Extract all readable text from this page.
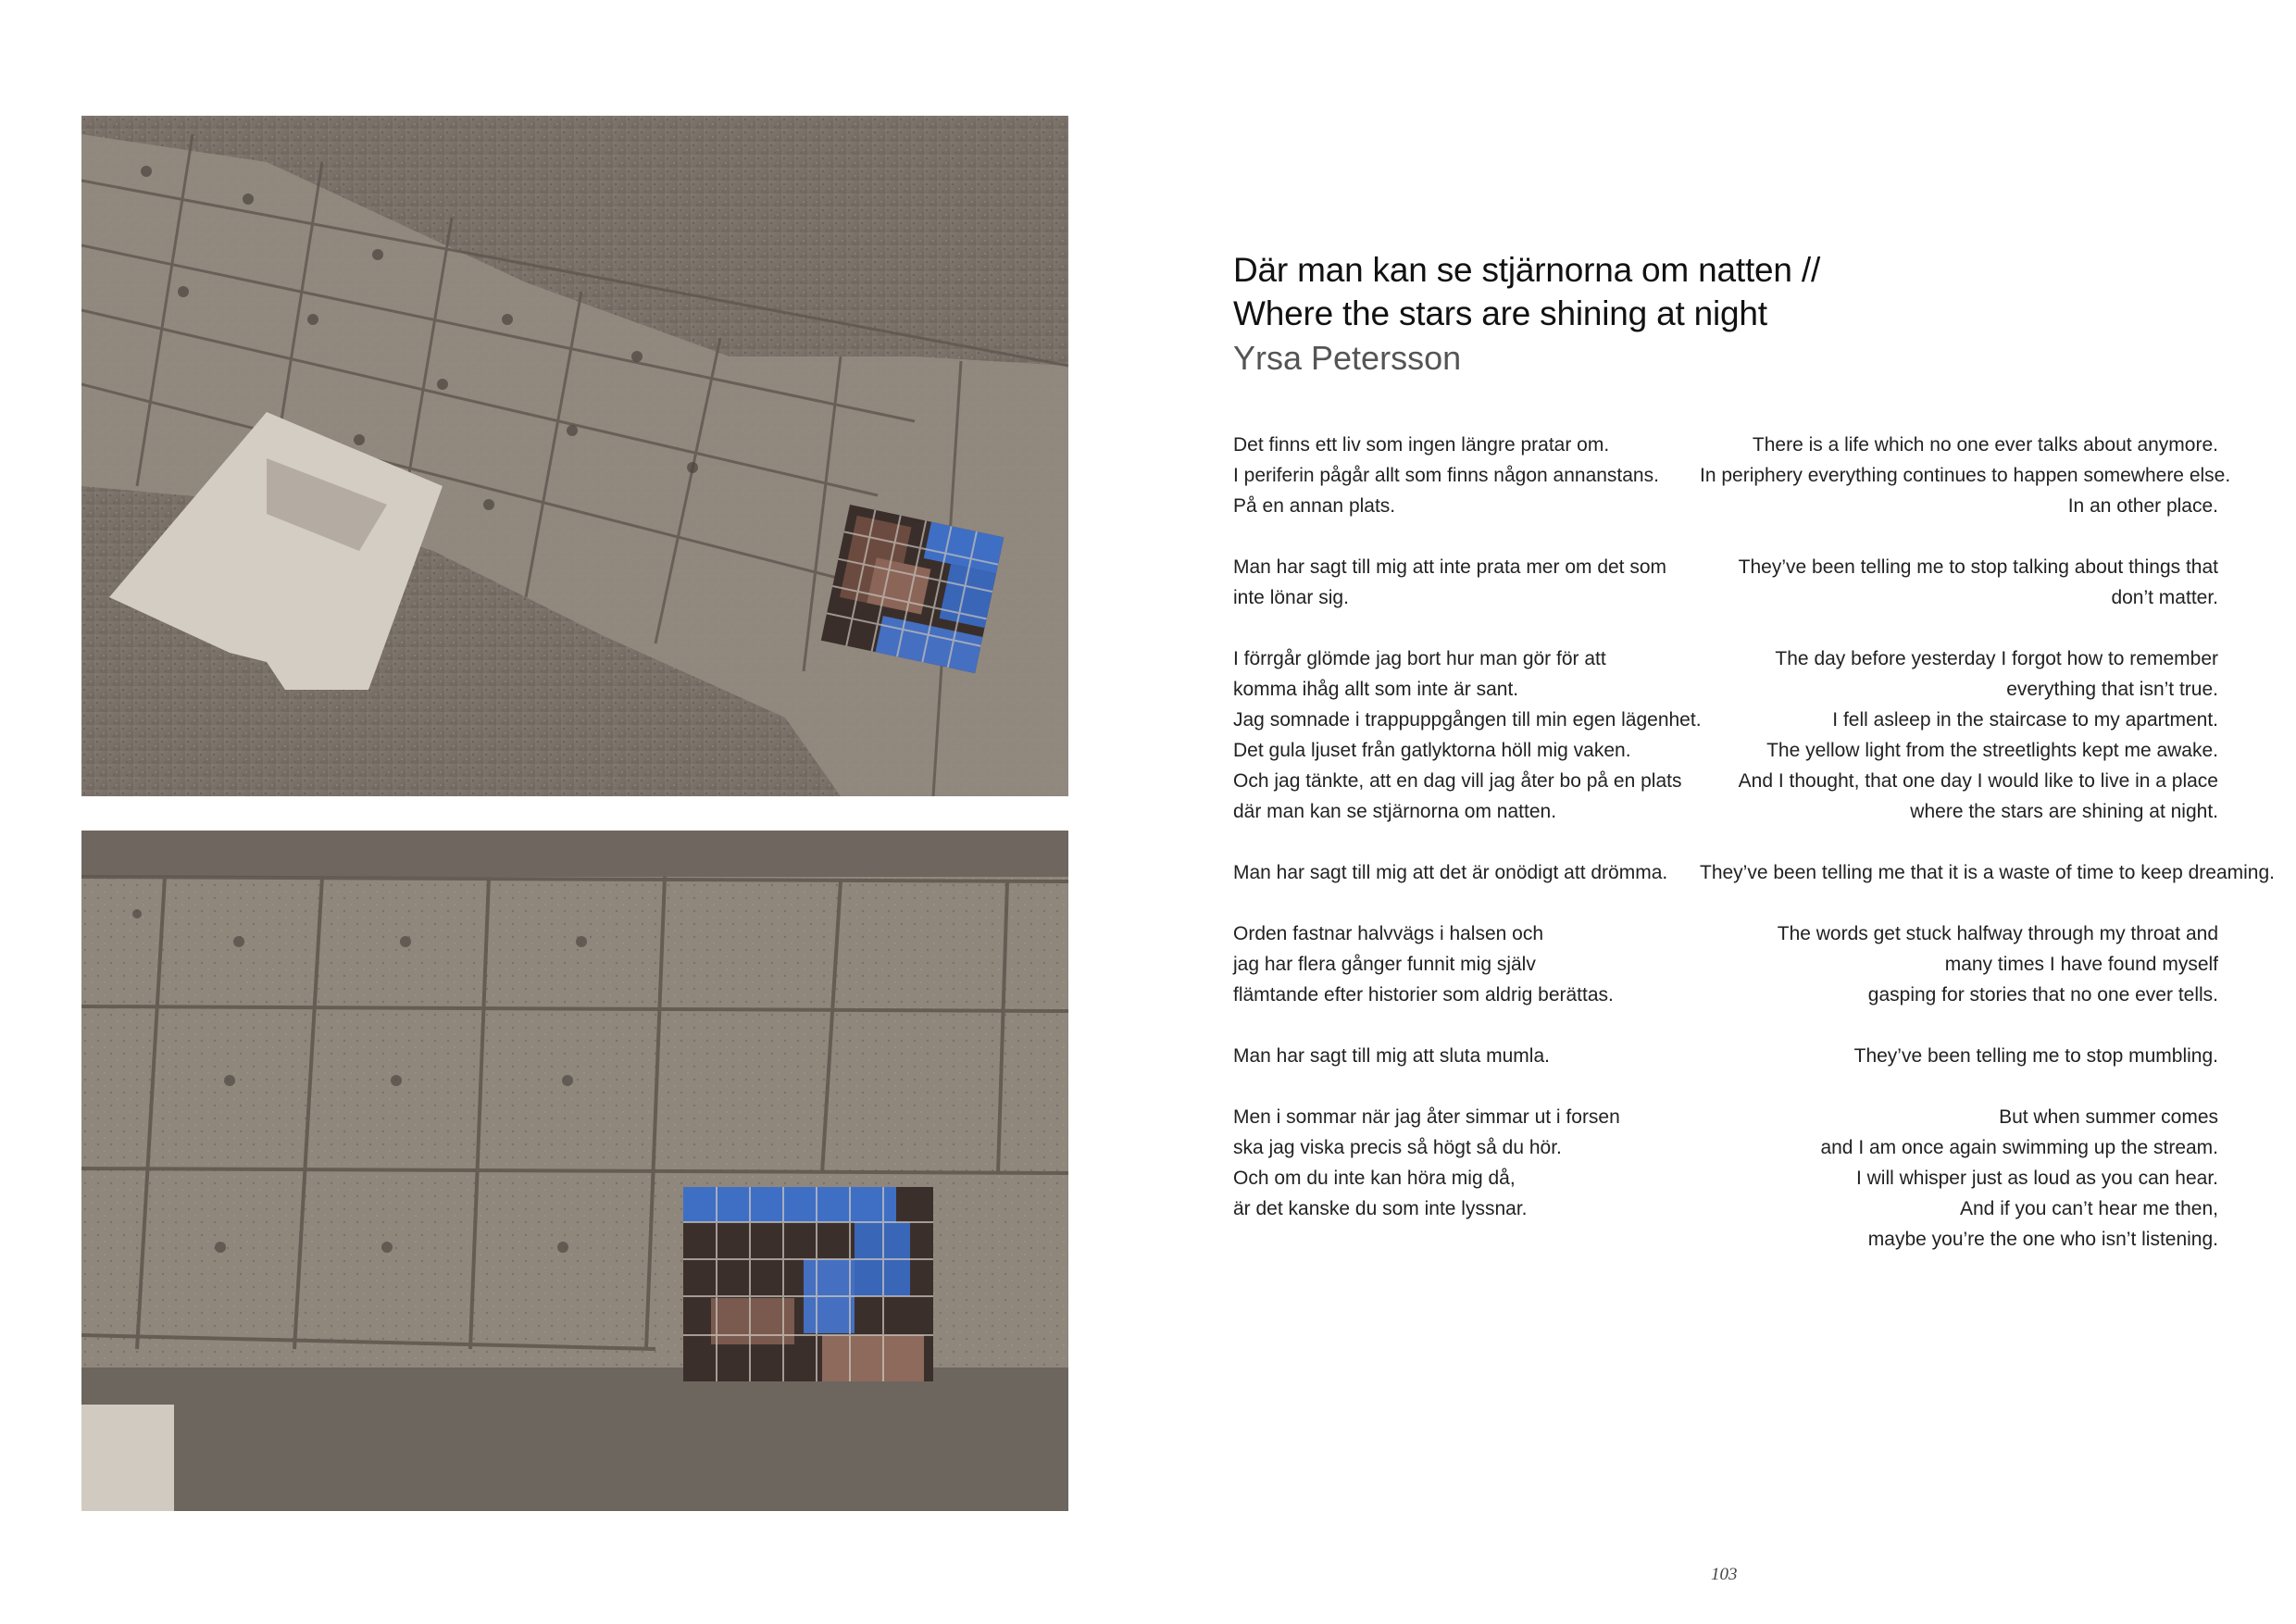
Där man kan se stjärnorna om natten //
Where the stars are shining at night
Yrsa Petersson
Det finns ett liv som ingen längre pratar om.
I periferin pågår allt som finns någon annanstans.
På en annan plats.
There is a life which no one ever talks about anymore.
In periphery everything continues to happen somewhere else.
In an other place.
Man har sagt till mig att inte prata mer om det som
inte lönar sig.
They’ve been telling me to stop talking about things that
don’t matter.
I förrgår glömde jag bort hur man gör för att
komma ihåg allt som inte är sant.
Jag somnade i trappuppgången till min egen lägenhet.
Det gula ljuset från gatlyktorna höll mig vaken.
Och jag tänkte, att en dag vill jag åter bo på en plats
där man kan se stjärnorna om natten.
The day before yesterday I forgot how to remember
everything that isn’t true.
I fell asleep in the staircase to my apartment.
The yellow light from the streetlights kept me awake.
And I thought, that one day I would like to live in a place
where the stars are shining at night.
Man har sagt till mig att det är onödigt att drömma.	They’ve been telling me that it is a waste of time to keep dreaming.
Orden fastnar halvvägs i halsen och
jag har flera gånger funnit mig själv
flämtande efter historier som aldrig berättas.
The words get stuck halfway through my throat and
many times I have found myself
gasping for stories that no one ever tells.
Man har sagt till mig att sluta mumla.	They’ve been telling me to stop mumbling.
Men i sommar när jag åter simmar ut i forsen
ska jag viska precis så högt så du hör.
Och om du inte kan höra mig då,
är det kanske du som inte lyssnar.
But when summer comes
and I am once again swimming up the stream.
I will whisper just as loud as you can hear.
And if you can’t hear me then,
maybe you’re the one who isn’t listening.
103
